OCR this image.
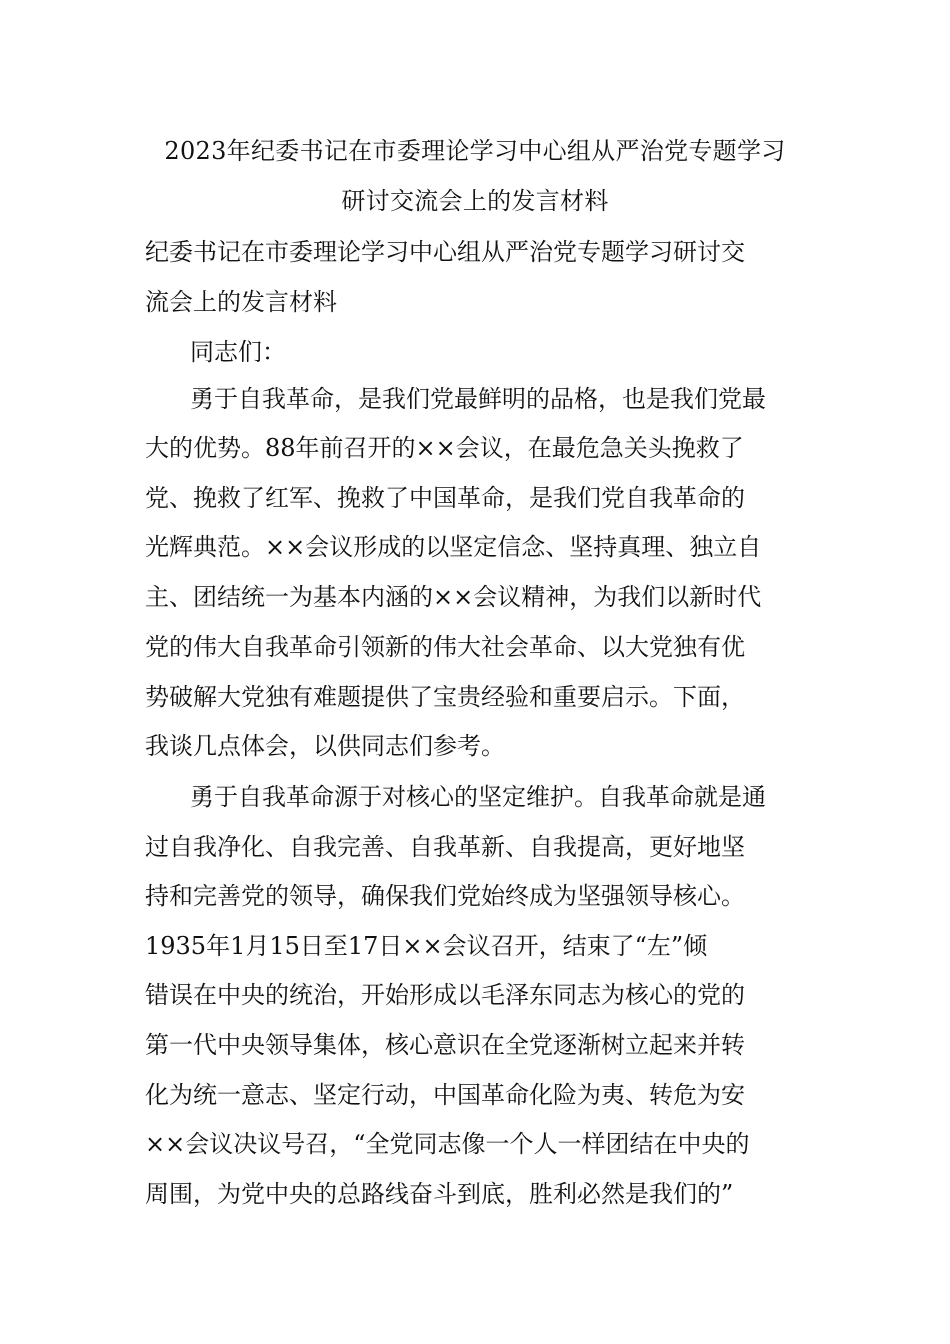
2023年纪委书记在市委理论学习中心组从严治党专题学习
研讨交流会上的发言材料
纪委书记在市委理论学习中心组从严治党专题学习研讨交
流会上的发言材料
同志们：
勇于自我革命，是我们党最鲜明的品格，也是我们党最
大的优势。88年前召开的××会议，在最危急关头挽救了
党、挽救了红军、挽救了中国革命，是我们党自我革命的
光辉典范。××会议形成的以坚定信念、坚持真理、独立自
主、团结统一为基本内涵的××会议精神，为我们以新时代
党的伟大自我革命引领新的伟大社会革命、以大党独有优
势破解大党独有难题提供了宝贵经验和重要启示。下面，
我谈几点体会，以供同志们参考。
勇于自我革命源于对核心的坚定维护。自我革命就是通
过自我净化、自我完善、自我革新、自我提高，更好地坚
持和完善党的领导，确保我们党始终成为坚强领导核心。
1935年1月15日至17日××会议召开，结束了“左”倾
错误在中央的统治，开始形成以毛泽东同志为核心的党的
第一代中央领导集体，核心意识在全党逐渐树立起来并转
化为统一意志、坚定行动，中国革命化险为夷、转危为安
××会议决议号召，“全党同志像一个人一样团结在中央的
周围，为党中央的总路线奋斗到底，胜利必然是我们的”
